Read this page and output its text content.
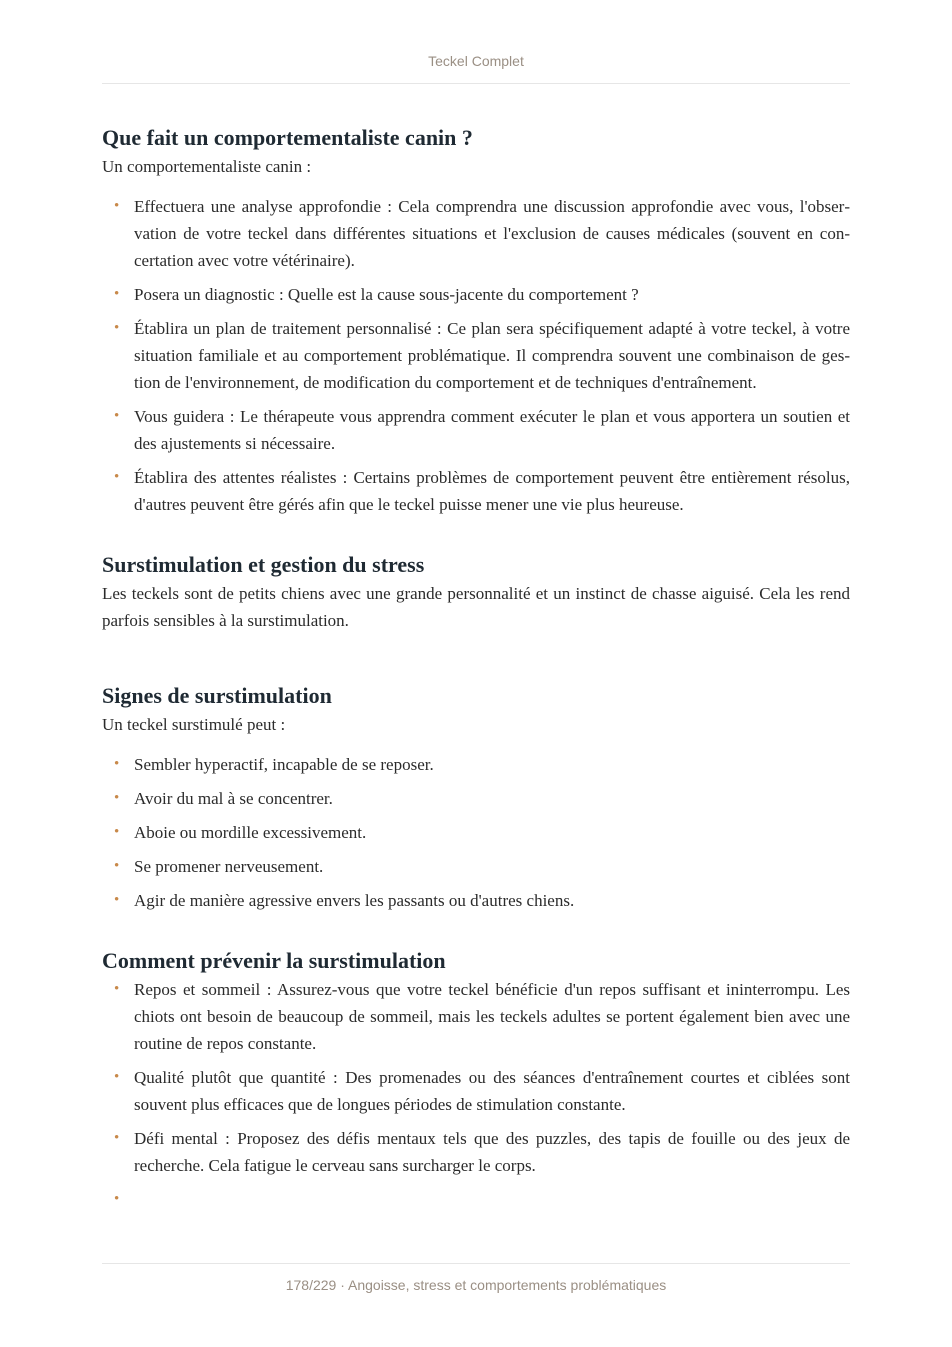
Teckel Complet
Que fait un comportementaliste canin ?

Un comportementaliste canin :

• Effectuera une analyse approfondie : Cela comprendra une discussion approfondie avec vous, l'observation de votre teckel dans différentes situations et l'exclusion de causes médicales (souvent en concertation avec votre vétérinaire).
• Posera un diagnostic : Quelle est la cause sous-jacente du comportement ?
• Établira un plan de traitement personnalisé : Ce plan sera spécifiquement adapté à votre teckel, à votre situation familiale et au comportement problématique. Il comprendra souvent une combinaison de gestion de l'environnement, de modification du comportement et de techniques d'entraînement.
• Vous guidera : Le thérapeute vous apprendra comment exécuter le plan et vous apportera un soutien et des ajustements si nécessaire.
• Établira des attentes réalistes : Certains problèmes de comportement peuvent être entièrement résolus, d'autres peuvent être gérés afin que le teckel puisse mener une vie plus heureuse.
Surstimulation et gestion du stress

Les teckels sont de petits chiens avec une grande personnalité et un instinct de chasse aiguisé. Cela les rend parfois sensibles à la surstimulation.

Signes de surstimulation

Un teckel surstimulé peut :

• Sembler hyperactif, incapable de se reposer.
• Avoir du mal à se concentrer.
• Aboie ou mordille excessivement.
• Se promener nerveusement.
• Agir de manière agressive envers les passants ou d'autres chiens.
Comment prévenir la surstimulation
• Repos et sommeil : Assurez-vous que votre teckel bénéficie d'un repos suffisant et ininterrompu. Les chiots ont besoin de beaucoup de sommeil, mais les teckels adultes se portent également bien avec une routine de repos constante.
• Qualité plutôt que quantité : Des promenades ou des séances d'entraînement courtes et ciblées sont souvent plus efficaces que de longues périodes de stimulation constante.
• Défi mental : Proposez des défis mentaux tels que des puzzles, des tapis de fouille ou des jeux de recherche. Cela fatigue le cerveau sans surcharger le corps.
•
178/229 · Angoisse, stress et comportements problématiques
